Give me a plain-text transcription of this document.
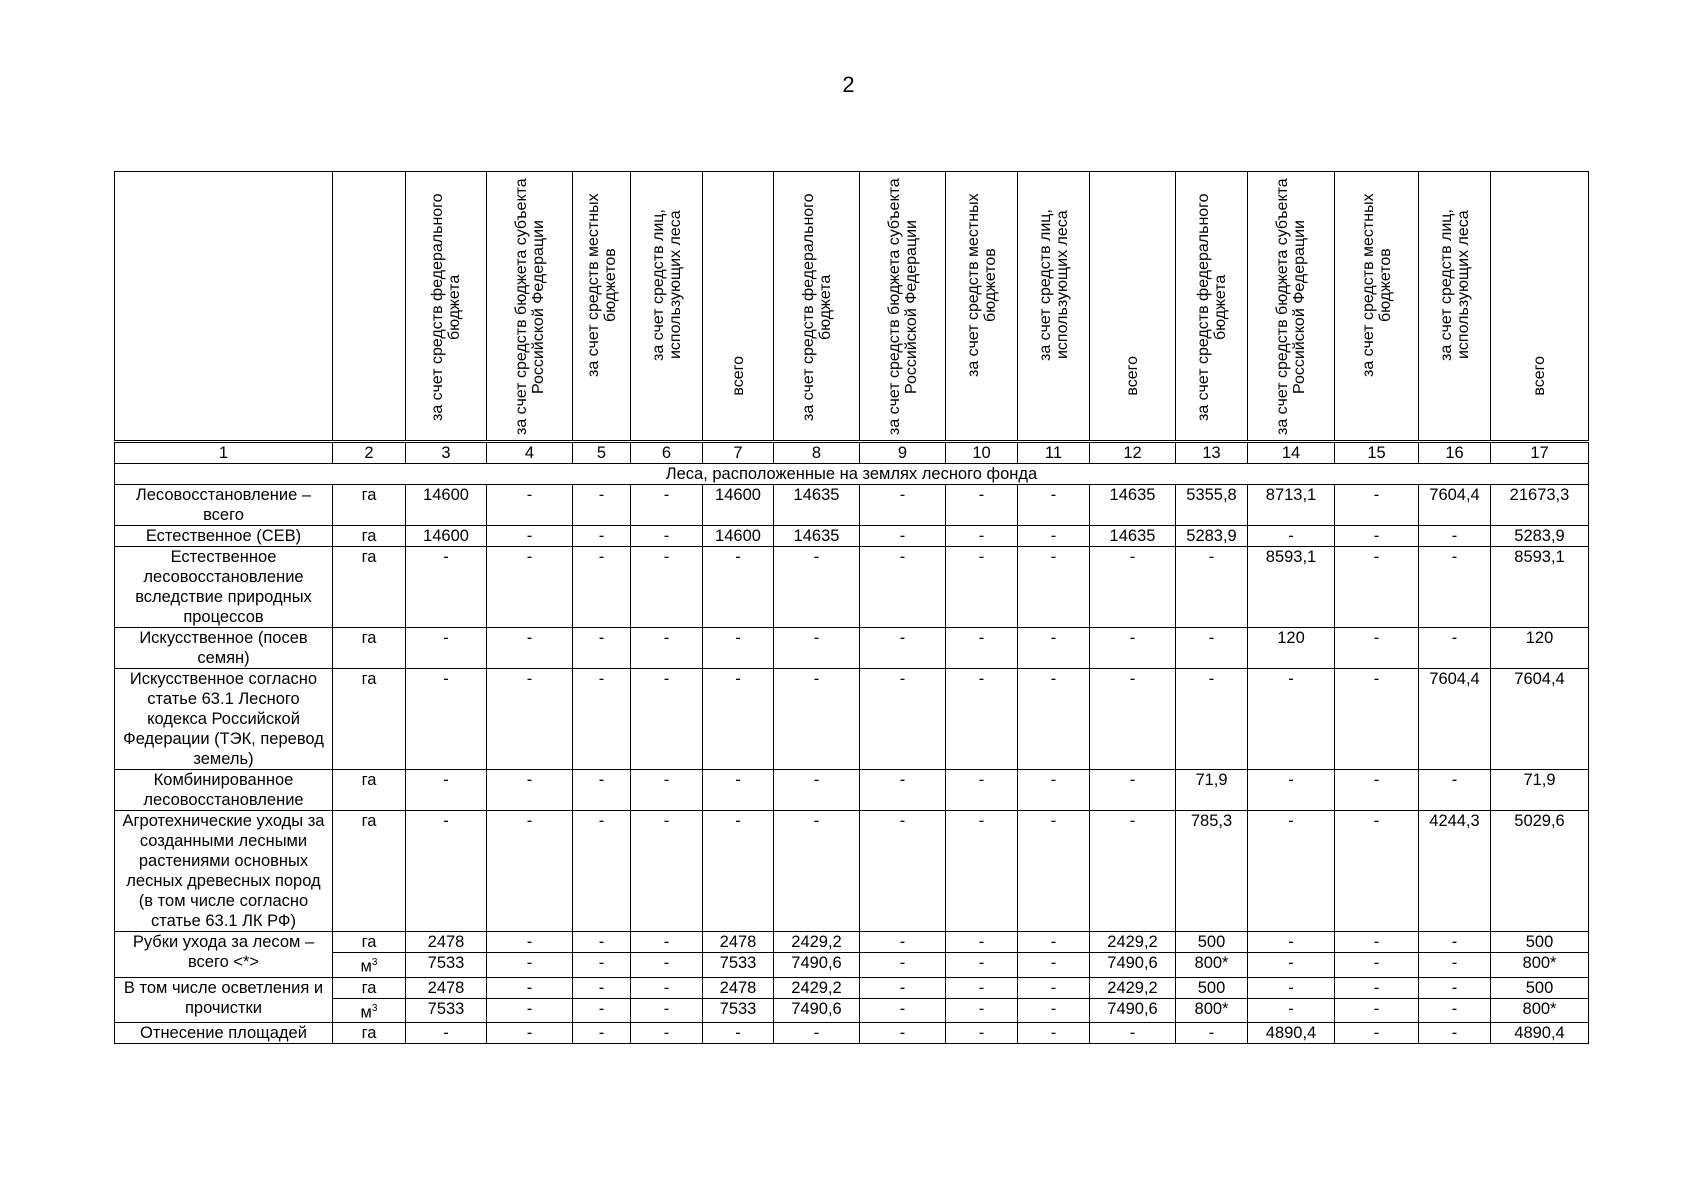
2

		за счет средств федерального бюджета	за счет средств бюджета субъекта Российской Федерации	за счет средств местных бюджетов	за счет средств лиц, использующих леса	всего	за счет средств федерального бюджета	за счет средств бюджета субъекта Российской Федерации	за счет средств местных бюджетов	за счет средств лиц, использующих леса	всего	за счет средств федерального бюджета	за счет средств бюджета субъекта Российской Федерации	за счет средств местных бюджетов	за счет средств лиц, использующих леса	всего

1	2	3	4	5	6	7	8	9	10	11	12	13	14	15	16	17
Леса, расположенные на землях лесного фонда																
Лесовосстановление – всего	га	14600	-	-	-	14600	14635	-	-	-	14635	5355,8	8713,1	-	7604,4	21673,3
Естественное (СЕВ)	га	14600	-	-	-	14600	14635	-	-	-	14635	5283,9	-	-	-	5283,9
Естественное лесовосстановление вследствие природных процессов	га	-	-	-	-	-	-	-	-	-	-	-	8593,1	-	-	8593,1
Искусственное (посев семян)	га	-	-	-	-	-	-	-	-	-	-	-	120	-	-	120
Искусственное согласно статье 63.1 Лесного кодекса Российской Федерации (ТЭК, перевод земель)	га	-	-	-	-	-	-	-	-	-	-	-	-	-	7604,4	7604,4
Комбинированное лесовосстановление	га	-	-	-	-	-	-	-	-	-	-	71,9	-	-	-	71,9
Агротехнические уходы за созданными лесными растениями основных лесных древесных пород (в том числе согласно статье 63.1 ЛК РФ)	га	-	-	-	-	-	-	-	-	-	-	785,3	-	-	4244,3	5029,6
Рубки ухода за лесом – всего <*>	га	2478	-	-	-	2478	2429,2	-	-	-	2429,2	500	-	-	-	500
	$м^3$	7533	-	-	-	7533	7490,6	-	-	-	7490,6	800*	-	-	-	800*
В том числе осветления и прочистки	га	2478	-	-	-	2478	2429,2	-	-	-	2429,2	500	-	-	-	500
	$м^3$	7533	-	-	-	7533	7490,6	-	-	-	7490,6	800*	-	-	-	800*
Отнесение площадей	га	-	-	-	-	-	-	-	-	-	-	-	4890,4	-	-	4890,4
